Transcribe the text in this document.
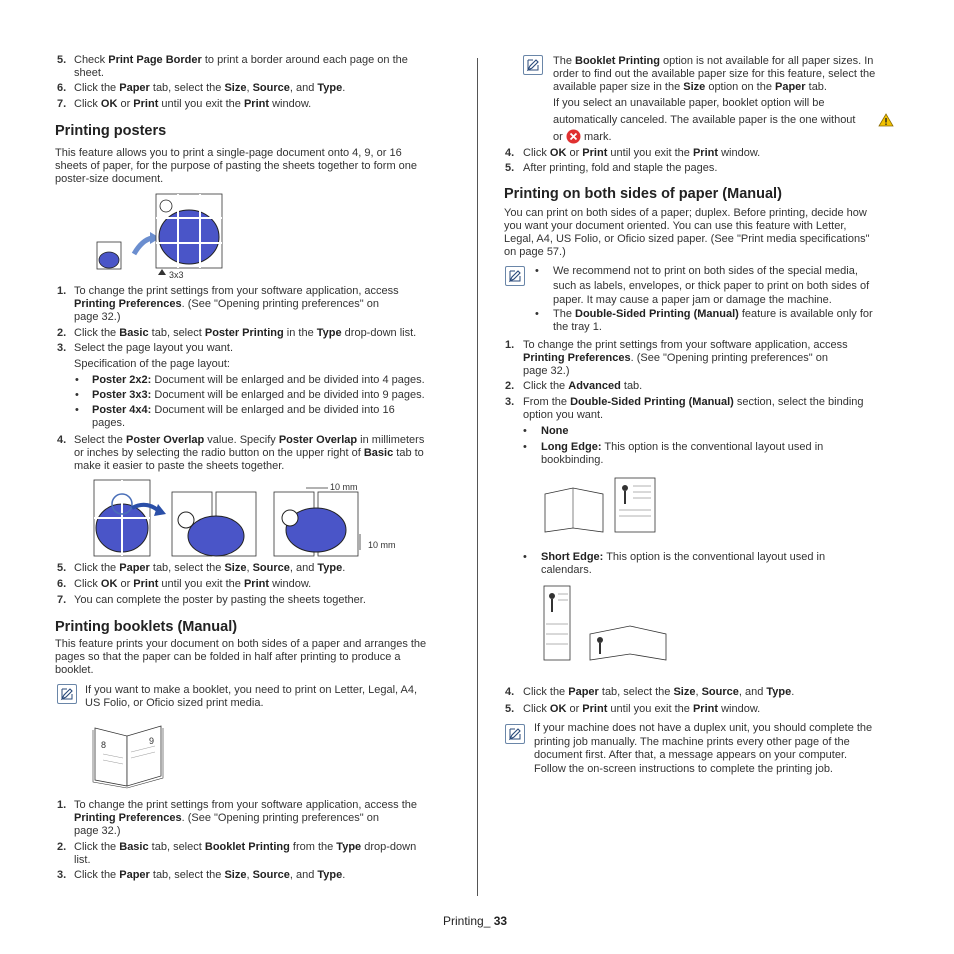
3x3
10 mm
10 mm
8	9
Printing_ 33
5. Check Print Page Border to print a border around each page on the
sheet.
6. Click the Paper tab, select the Size, Source, and Type.
7. Click OK or Print until you exit the Print window.
Printing posters
This feature allows you to print a single-page document onto 4, 9, or 16
sheets of paper, for the purpose of pasting the sheets together to form one
poster-size document.
1. To change the print settings from your software application, access
Printing Preferences. (See "Opening printing preferences" on
page 32.)
2. Click the Basic tab, select Poster Printing in the Type drop-down list.
3. Select the page layout you want.
Specification of the page layout:
• Poster 2x2: Document will be enlarged and be divided into 4 pages.
• Poster 3x3: Document will be enlarged and be divided into 9 pages.
• Poster 4x4: Document will be enlarged and be divided into 16
pages.
4. Select the Poster Overlap value. Specify Poster Overlap in millimeters
or inches by selecting the radio button on the upper right of Basic tab to
make it easier to paste the sheets together.
5. Click the Paper tab, select the Size, Source, and Type.
6. Click OK or Print until you exit the Print window.
7. You can complete the poster by pasting the sheets together.
Printing booklets (Manual)
This feature prints your document on both sides of a paper and arranges the
pages so that the paper can be folded in half after printing to produce a
booklet.
If you want to make a booklet, you need to print on Letter, Legal, A4,
US Folio, or Oficio sized print media.
1. To change the print settings from your software application, access the
Printing Preferences. (See "Opening printing preferences" on
page 32.)
2. Click the Basic tab, select Booklet Printing from the Type drop-down
list.
3. Click the Paper tab, select the Size, Source, and Type.
The Booklet Printing option is not available for all paper sizes. In
order to find out the available paper size for this feature, select the
available paper size in the Size option on the Paper tab.
If you select an unavailable paper, booklet option will be
automatically canceled. The available paper is the one without
or mark.
4. Click OK or Print until you exit the Print window.
5. After printing, fold and staple the pages.
Printing on both sides of paper (Manual)
You can print on both sides of a paper; duplex. Before printing, decide how
you want your document oriented. You can use this feature with Letter,
Legal, A4, US Folio, or Oficio sized paper. (See "Print media specifications"
on page 57.)
• We recommend not to print on both sides of the special media,
such as labels, envelopes, or thick paper to print on both sides of
paper. It may cause a paper jam or damage the machine.
• The Double-Sided Printing (Manual) feature is available only for
the tray 1.
1. To change the print settings from your software application, access
Printing Preferences. (See "Opening printing preferences" on
page 32.)
2. Click the Advanced tab.
3. From the Double-Sided Printing (Manual) section, select the binding
option you want.
• None
• Long Edge: This option is the conventional layout used in
bookbinding.
• Short Edge: This option is the conventional layout used in
calendars.
4. Click the Paper tab, select the Size, Source, and Type.
5. Click OK or Print until you exit the Print window.
If your machine does not have a duplex unit, you should complete the
printing job manually. The machine prints every other page of the
document first. After that, a message appears on your computer.
Follow the on-screen instructions to complete the printing job.
